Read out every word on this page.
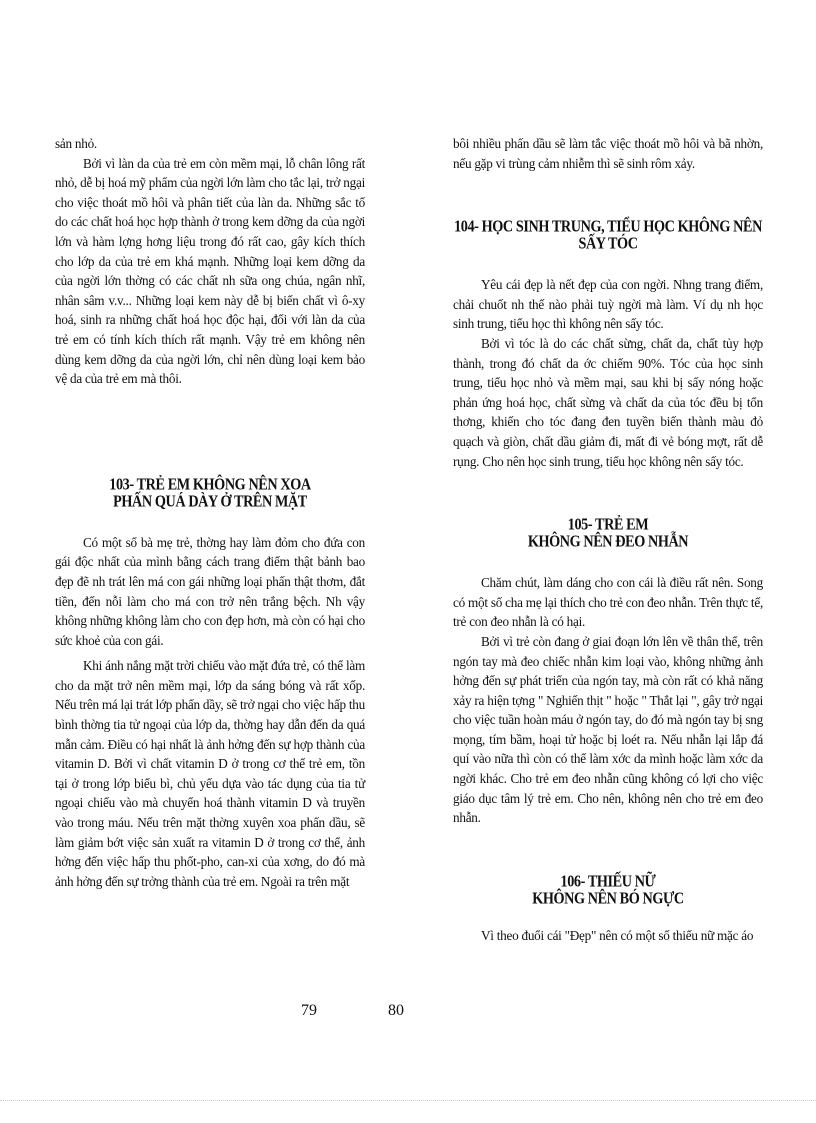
sản nhỏ.

Bởi vì làn da của trẻ em còn mềm mại, lỗ chân lông rất nhỏ, dễ bị hoá mỹ phẩm của ngời lớn làm cho tắc lại, trở ngại cho việc thoát mồ hôi và phân tiết của làn da. Những sắc tố do các chất hoá học hợp thành ở trong kem dỡng da của ngời lớn và hàm lợng hơng liệu trong đó rất cao, gây kích thích cho lớp da của trẻ em khá mạnh. Những loại kem dỡng da của ngời lớn thờng có các chất nh sữa ong chúa, ngân nhĩ, nhân sâm v.v... Những loại kem này dễ bị biến chất vì ô-xy hoá, sinh ra những chất hoá học độc hại, đối với làn da của trẻ em có tính kích thích rất mạnh. Vậy trẻ em không nên dùng kem dỡng da của ngời lớn, chỉ nên dùng loại kem bảo vệ da của trẻ em mà thôi.

103- TRẺ EM KHÔNG NÊN XOA
PHẤN QUÁ DÀY Ở TRÊN MẶT

Có một số bà mẹ trẻ, thờng hay làm đỏm cho đứa con gái độc nhất của mình bằng cách trang điểm thật bảnh bao đẹp đẽ nh trát lên má con gái những loại phấn thật thơm, đắt tiền, đến nỗi làm cho má con trở nên trắng bệch. Nh vậy không những không làm cho con đẹp hơn, mà còn có hại cho sức khoẻ của con gái.

Khi ánh nắng mặt trời chiếu vào mặt đứa trẻ, có thể làm cho da mặt trở nên mềm mại, lớp da sáng bóng và rất xốp. Nếu trên má lại trát lớp phấn dầy, sẽ trở ngại cho việc hấp thu bình thờng tia tử ngoại của lớp da, thờng hay dẫn đến da quá mẫn cảm. Điều có hại nhất là ảnh hởng đến sự hợp thành của vitamin D. Bởi vì chất vitamin D ở trong cơ thể trẻ em, tồn tại ở trong lớp biểu bì, chủ yếu dựa vào tác dụng của tia tử ngoại chiếu vào mà chuyển hoá thành vitamin D và truyền vào trong máu. Nếu trên mặt thờng xuyên xoa phấn dầu, sẽ làm giảm bớt việc sản xuất ra vitamin D ở trong cơ thể, ảnh hởng đến việc hấp thu phốt-pho, can-xi của xơng, do đó mà ảnh hởng đến sự trởng thành của trẻ em. Ngoài ra trên mặt

bôi nhiều phấn dầu sẽ làm tắc việc thoát mồ hôi và bã nhờn, nếu gặp vi trùng cảm nhiễm thì sẽ sinh rôm xảy.

104- HỌC SINH TRUNG, TIỂU HỌC KHÔNG NÊN
SẤY TÓC

Yêu cái đẹp là nết đẹp của con ngời. Nhng trang điểm, chải chuốt nh thế nào phải tuỳ ngời mà làm. Ví dụ nh học sinh trung, tiểu học thì không nên sấy tóc.

Bởi vì tóc là do các chất sừng, chất da, chất tủy hợp thành, trong đó chất da ớc chiếm 90%. Tóc của học sinh trung, tiểu học nhỏ và mềm mại, sau khi bị sấy nóng hoặc phản ứng hoá học, chất sừng và chất da của tóc đều bị tổn thơng, khiến cho tóc đang đen tuyền biến thành màu đỏ quạch và giòn, chất dầu giảm đi, mất đi vẻ bóng mợt, rất dễ rụng. Cho nên học sinh trung, tiểu học không nên sấy tóc.

105- TRẺ EM
KHÔNG NÊN ĐEO NHẪN

Chăm chút, làm dáng cho con cái là điều rất nên. Song có một số cha mẹ lại thích cho trẻ con đeo nhẫn. Trên thực tế, trẻ con đeo nhẫn là có hại.

Bởi vì trẻ còn đang ở giai đoạn lớn lên về thân thể, trên ngón tay mà đeo chiếc nhẫn kim loại vào, không những ảnh hởng đến sự phát triển của ngón tay, mà còn rất có khả năng xảy ra hiện tợng " Nghiến thịt " hoặc " Thắt lại ", gây trở ngại cho việc tuần hoàn máu ở ngón tay, do đó mà ngón tay bị sng mọng, tím bầm, hoại tử hoặc bị loét ra. Nếu nhẫn lại lắp đá quí vào nữa thì còn có thể làm xớc da mình hoặc làm xớc da ngời khác. Cho trẻ em đeo nhẫn cũng không có lợi cho việc giáo dục tâm lý trẻ em. Cho nên, không nên cho trẻ em đeo nhẫn.

106- THIẾU NỮ
KHÔNG NÊN BÓ NGỰC

Vì theo đuổi cái "Đẹp" nên có một số thiếu nữ mặc áo

79	80
